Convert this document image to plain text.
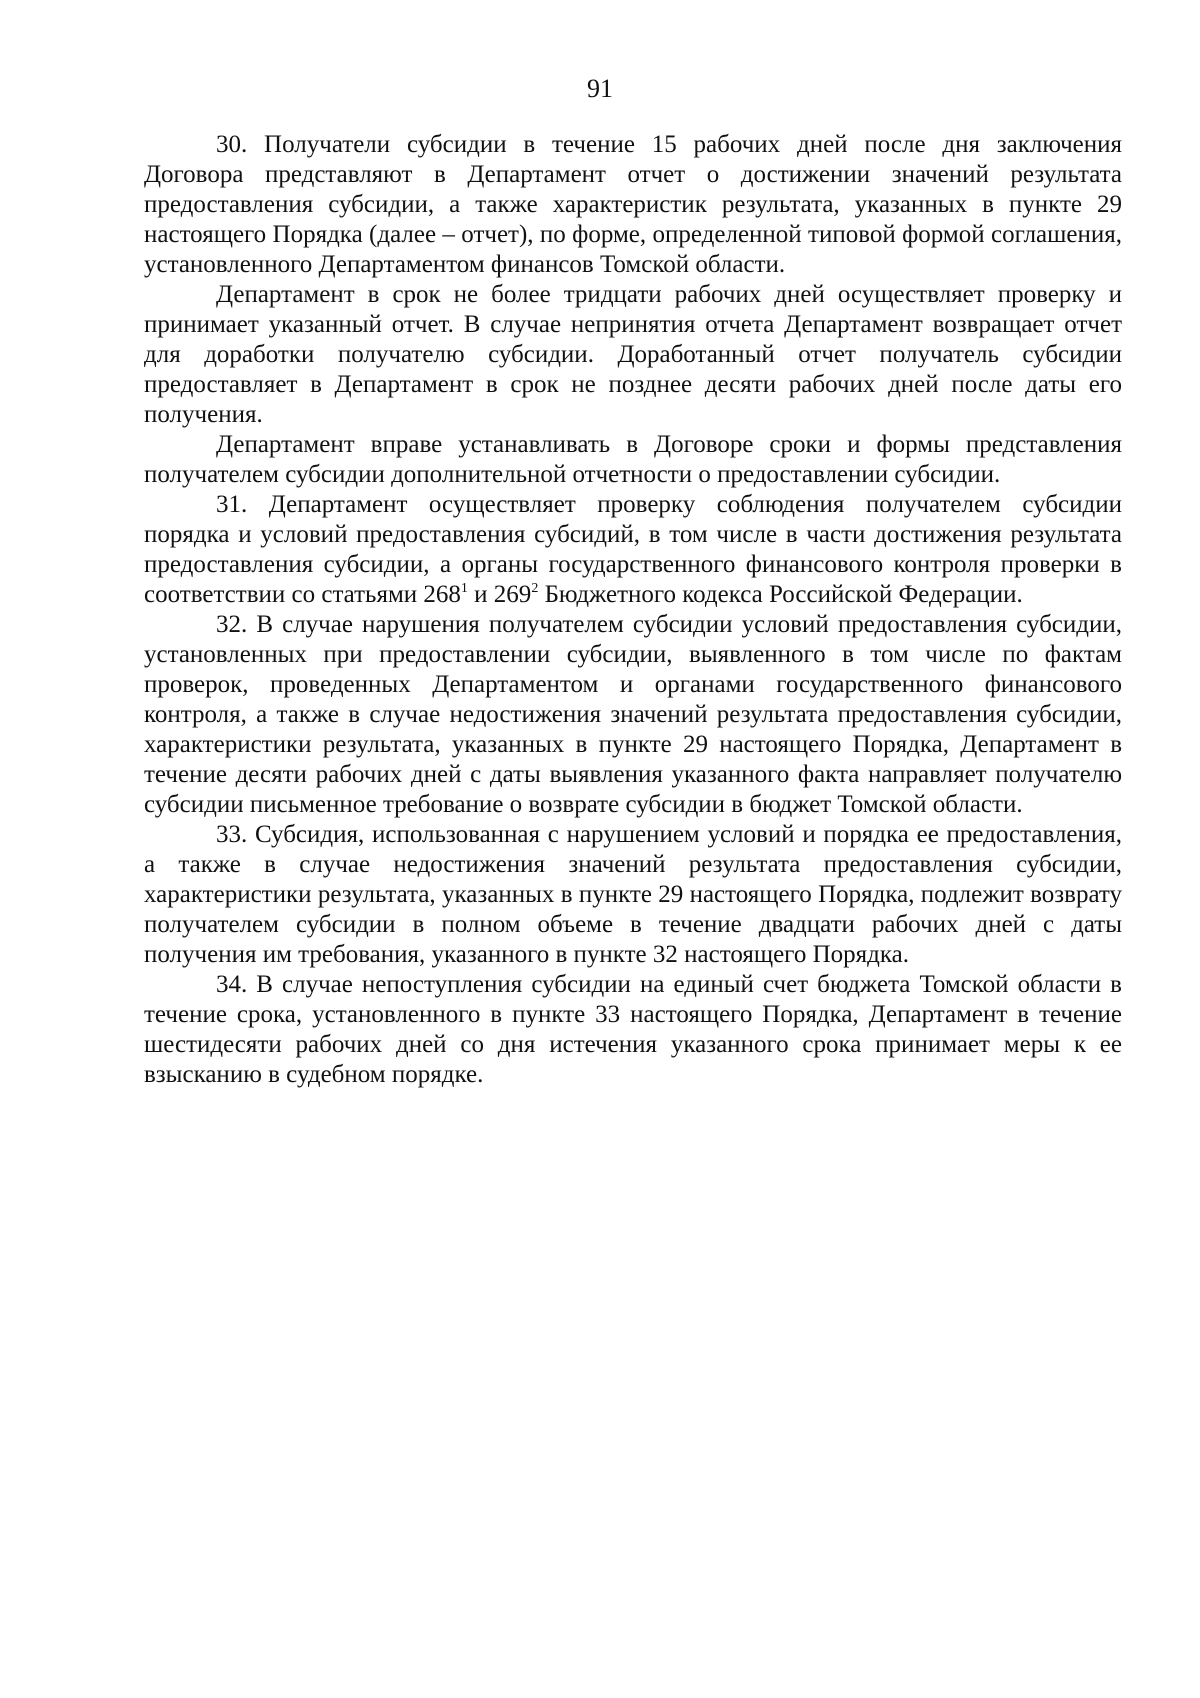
91

30. Получатели субсидии в течение 15 рабочих дней после дня заключения Договора представляют в Департамент отчет о достижении значений результата предоставления субсидии, а также характеристик результата, указанных в пункте 29 настоящего Порядка (далее – отчет), по форме, определенной типовой формой соглашения, установленного Департаментом финансов Томской области.

Департамент в срок не более тридцати рабочих дней осуществляет проверку и принимает указанный отчет. В случае непринятия отчета Департамент возвращает отчет для доработки получателю субсидии. Доработанный отчет получатель субсидии предоставляет в Департамент в срок не позднее десяти рабочих дней после даты его получения.

Департамент вправе устанавливать в Договоре сроки и формы представления получателем субсидии дополнительной отчетности о предоставлении субсидии.

31. Департамент осуществляет проверку соблюдения получателем субсидии порядка и условий предоставления субсидий, в том числе в части достижения результата предоставления субсидии, а органы государственного финансового контроля проверки в соответствии со статьями $268^1$ и $269^2$ Бюджетного кодекса Российской Федерации.

32. В случае нарушения получателем субсидии условий предоставления субсидии, установленных при предоставлении субсидии, выявленного в том числе по фактам проверок, проведенных Департаментом и органами государственного финансового контроля, а также в случае недостижения значений результата предоставления субсидии, характеристики результата, указанных в пункте 29 настоящего Порядка, Департамент в течение десяти рабочих дней с даты выявления указанного факта направляет получателю субсидии письменное требование о возврате субсидии в бюджет Томской области.

33. Субсидия, использованная с нарушением условий и порядка ее предоставления, а также в случае недостижения значений результата предоставления субсидии, характеристики результата, указанных в пункте 29 настоящего Порядка, подлежит возврату получателем субсидии в полном объеме в течение двадцати рабочих дней с даты получения им требования, указанного в пункте 32 настоящего Порядка.

34. В случае непоступления субсидии на единый счет бюджета Томской области в течение срока, установленного в пункте 33 настоящего Порядка, Департамент в течение шестидесяти рабочих дней со дня истечения указанного срока принимает меры к ее взысканию в судебном порядке.
